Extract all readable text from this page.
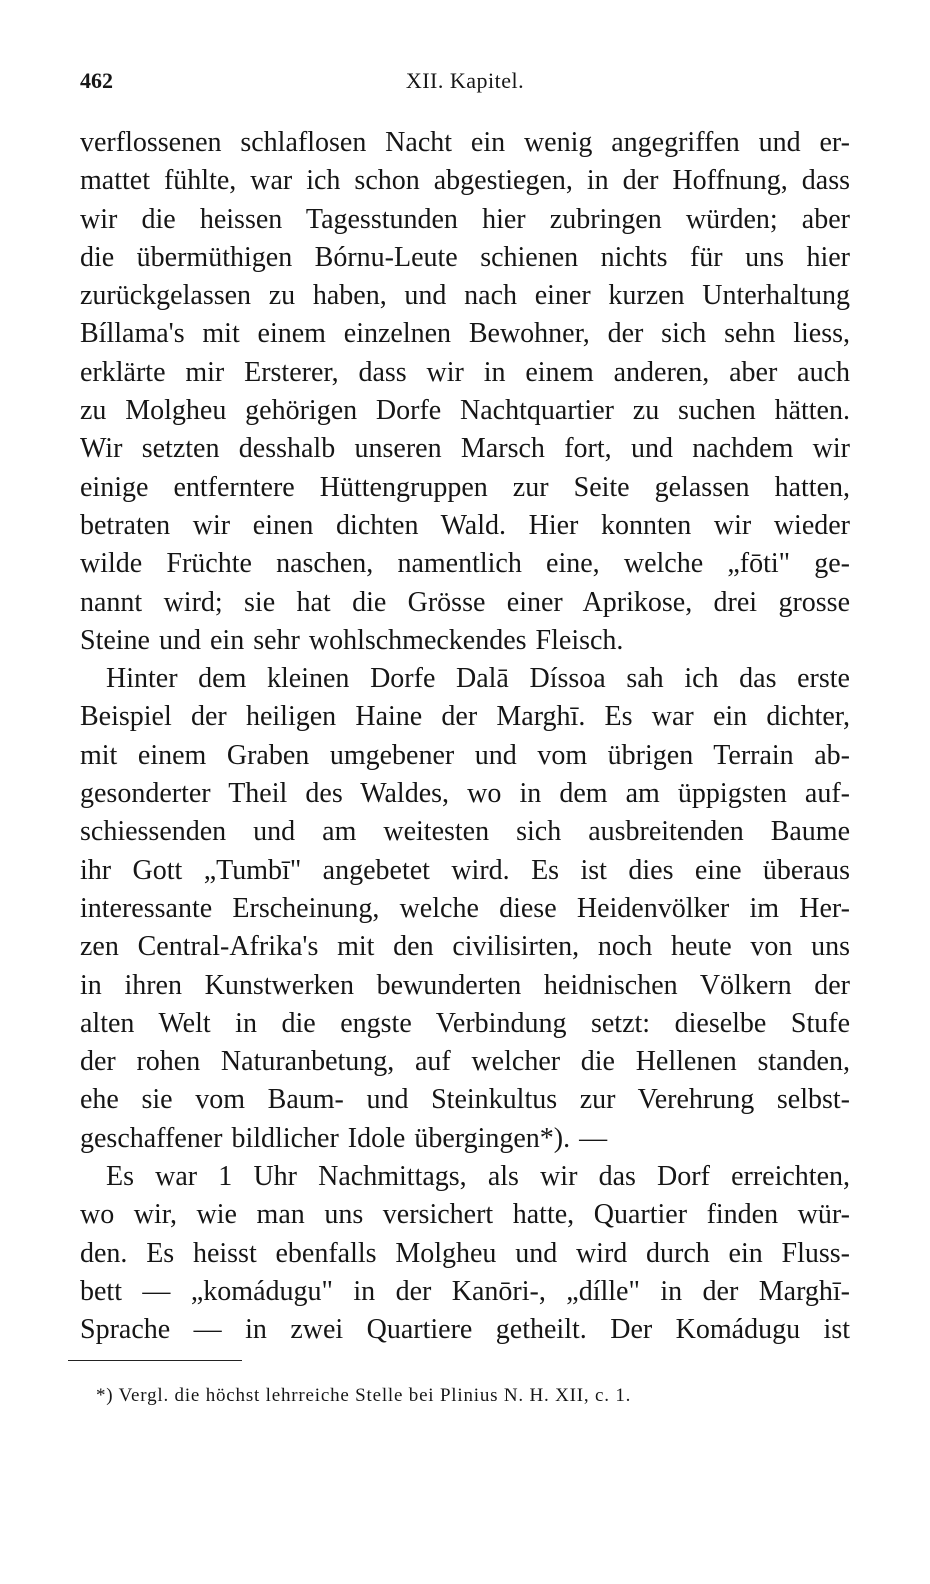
462	XII. Kapitel.
verflossenen schlaflosen Nacht ein wenig angegriffen und er-
mattet fühlte, war ich schon abgestiegen, in der Hoffnung, dass
wir die heissen Tagesstunden hier zubringen würden; aber
die übermüthigen Bórnu-Leute schienen nichts für uns hier
zurückgelassen zu haben, und nach einer kurzen Unterhaltung
Bíllama's mit einem einzelnen Bewohner, der sich sehn liess,
erklärte mir Ersterer, dass wir in einem anderen, aber auch
zu Molgheu gehörigen Dorfe Nachtquartier zu suchen hätten.
Wir setzten desshalb unseren Marsch fort, und nachdem wir
einige entferntere Hüttengruppen zur Seite gelassen hatten,
betraten wir einen dichten Wald. Hier konnten wir wieder
wilde Früchte naschen, namentlich eine, welche „fōti" ge-
nannt wird; sie hat die Grösse einer Aprikose, drei grosse
Steine und ein sehr wohlschmeckendes Fleisch.
Hinter dem kleinen Dorfe Dalā Díssoa sah ich das erste
Beispiel der heiligen Haine der Marghī. Es war ein dichter,
mit einem Graben umgebener und vom übrigen Terrain ab-
gesonderter Theil des Waldes, wo in dem am üppigsten auf-
schiessenden und am weitesten sich ausbreitenden Baume
ihr Gott „Tumbī" angebetet wird. Es ist dies eine überaus
interessante Erscheinung, welche diese Heidenvölker im Her-
zen Central-Afrika's mit den civilisirten, noch heute von uns
in ihren Kunstwerken bewunderten heidnischen Völkern der
alten Welt in die engste Verbindung setzt: dieselbe Stufe
der rohen Naturanbetung, auf welcher die Hellenen standen,
ehe sie vom Baum- und Steinkultus zur Verehrung selbst-
geschaffener bildlicher Idole übergingen*). —
Es war 1 Uhr Nachmittags, als wir das Dorf erreichten,
wo wir, wie man uns versichert hatte, Quartier finden wür-
den. Es heisst ebenfalls Molgheu und wird durch ein Fluss-
bett — „komádugu" in der Kanōri-, „dílle" in der Marghī-
Sprache — in zwei Quartiere getheilt. Der Komádugu ist
*) Vergl. die höchst lehrreiche Stelle bei Plinius N. H. XII, c. 1.
